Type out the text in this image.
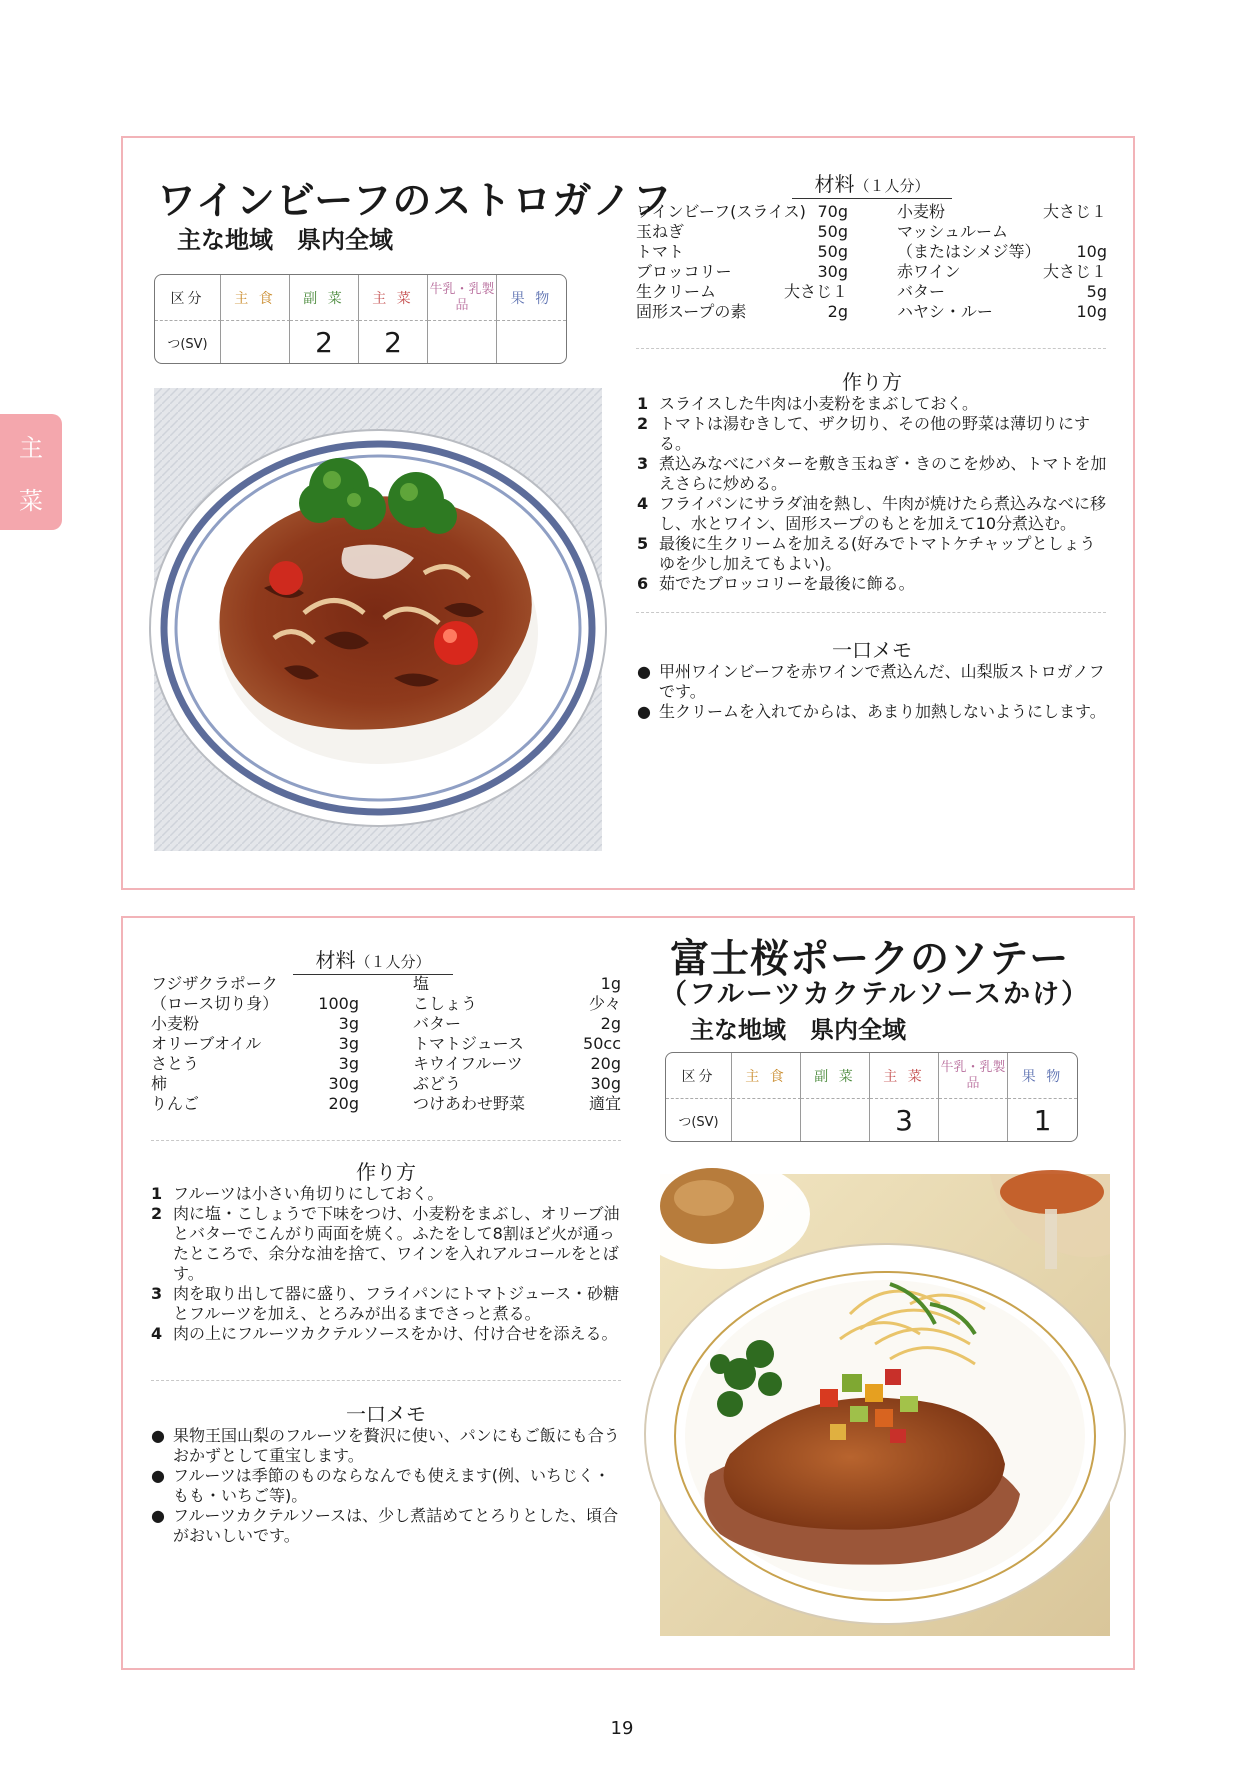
主
菜
ワインビーフのストロガノフ
主な地域 県内全域
区分	主 食	副 菜	主 菜	牛乳・乳製品	果 物
つ(SV)		2	2		
材料（１人分）
ワインビーフ(スライス) 70g
玉ねぎ	50g
トマト	50g
ブロッコリー	30g
生クリーム	大さじ１
固形スープの素	2g
小麦粉	大さじ１
マッシュルーム
（またはシメジ等）	10g
赤ワイン	大さじ１
バター	5g
ハヤシ・ルー	10g
作り方
1 スライスした牛肉は小麦粉をまぶしておく。
2 トマトは湯むきして、ザク切り、その他の野菜は薄切りにする。
3 煮込みなべにバターを敷き玉ねぎ・きのこを炒め、トマトを加えさらに炒める。
4 フライパンにサラダ油を熱し、牛肉が焼けたら煮込みなべに移し、水とワイン、固形スープのもとを加えて10分煮込む。
5 最後に生クリームを加える(好みでトマトケチャップとしょうゆを少し加えてもよい)。
6 茹でたブロッコリーを最後に飾る。
一口メモ
● 甲州ワインビーフを赤ワインで煮込んだ、山梨版ストロガノフです。
● 生クリームを入れてからは、あまり加熱しないようにします。
材料（１人分）
フジザクラポーク
（ロース切り身）	100g
小麦粉	3g
オリーブオイル	3g
さとう	3g
柿	30g
りんご	20g
塩	1g
こしょう	少々
バター	2g
トマトジュース	50cc
キウイフルーツ	20g
ぶどう	30g
つけあわせ野菜	適宜
作り方
1 フルーツは小さい角切りにしておく。
2 肉に塩・こしょうで下味をつけ、小麦粉をまぶし、オリーブ油とバターでこんがり両面を焼く。ふたをして8割ほど火が通ったところで、余分な油を捨て、ワインを入れアルコールをとばす。
3 肉を取り出して器に盛り、フライパンにトマトジュース・砂糖とフルーツを加え、とろみが出るまでさっと煮る。
4 肉の上にフルーツカクテルソースをかけ、付け合せを添える。
一口メモ
● 果物王国山梨のフルーツを贅沢に使い、パンにもご飯にも合うおかずとして重宝します。
● フルーツは季節のものならなんでも使えます(例、いちじく・もも・いちご等)。
● フルーツカクテルソースは、少し煮詰めてとろりとした、頃合がおいしいです。
富士桜ポークのソテー
（フルーツカクテルソースかけ）
主な地域 県内全域
区分	主 食	副 菜	主 菜	牛乳・乳製品	果 物
つ(SV)			3		1
19
